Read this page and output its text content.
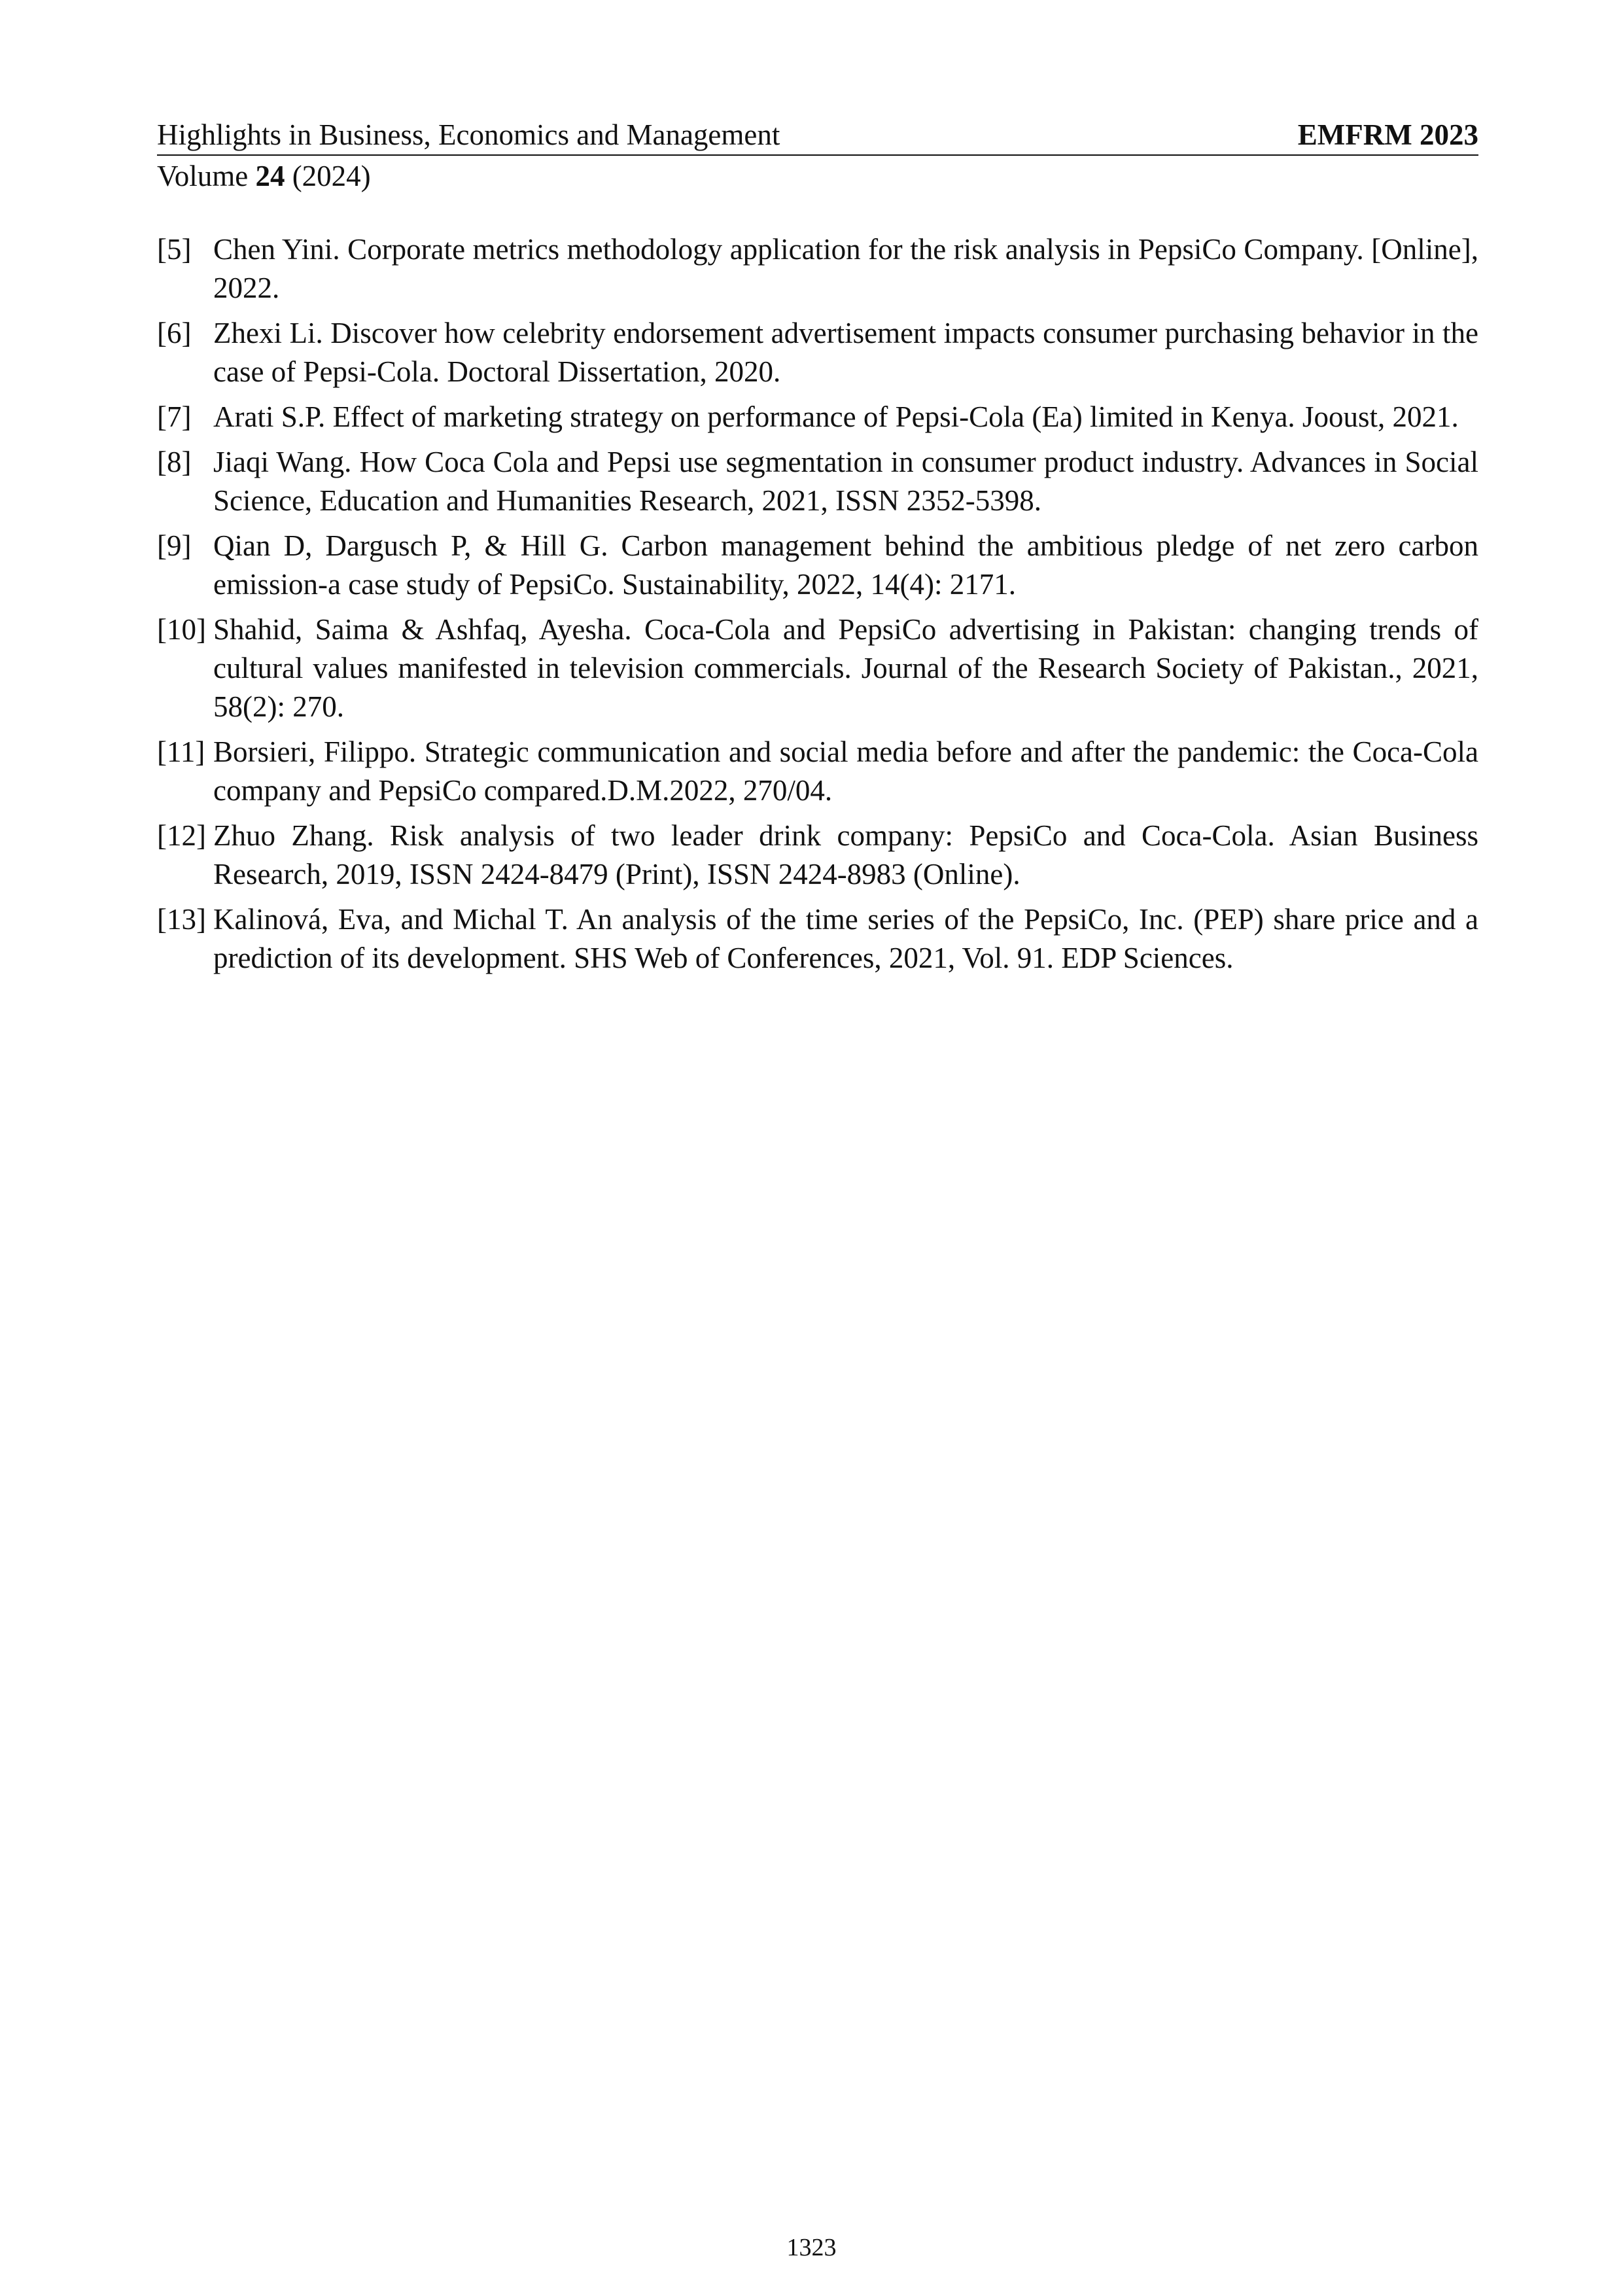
Highlights in Business, Economics and Management	EMFRM 2023
Volume 24 (2024)
[5] Chen Yini. Corporate metrics methodology application for the risk analysis in PepsiCo Company. [Online], 2022.
[6] Zhexi Li. Discover how celebrity endorsement advertisement impacts consumer purchasing behavior in the case of Pepsi-Cola. Doctoral Dissertation, 2020.
[7] Arati S.P. Effect of marketing strategy on performance of Pepsi-Cola (Ea) limited in Kenya. Jooust, 2021.
[8] Jiaqi Wang. How Coca Cola and Pepsi use segmentation in consumer product industry. Advances in Social Science, Education and Humanities Research, 2021, ISSN 2352-5398.
[9] Qian D, Dargusch P, & Hill G. Carbon management behind the ambitious pledge of net zero carbon emission-a case study of PepsiCo. Sustainability, 2022, 14(4): 2171.
[10] Shahid, Saima & Ashfaq, Ayesha. Coca-Cola and PepsiCo advertising in Pakistan: changing trends of cultural values manifested in television commercials. Journal of the Research Society of Pakistan., 2021, 58(2): 270.
[11] Borsieri, Filippo. Strategic communication and social media before and after the pandemic: the Coca-Cola company and PepsiCo compared.D.M.2022, 270/04.
[12] Zhuo Zhang. Risk analysis of two leader drink company: PepsiCo and Coca-Cola. Asian Business Research, 2019, ISSN 2424-8479 (Print), ISSN 2424-8983 (Online).
[13] Kalinová, Eva, and Michal T. An analysis of the time series of the PepsiCo, Inc. (PEP) share price and a prediction of its development. SHS Web of Conferences, 2021, Vol. 91. EDP Sciences.
1323
